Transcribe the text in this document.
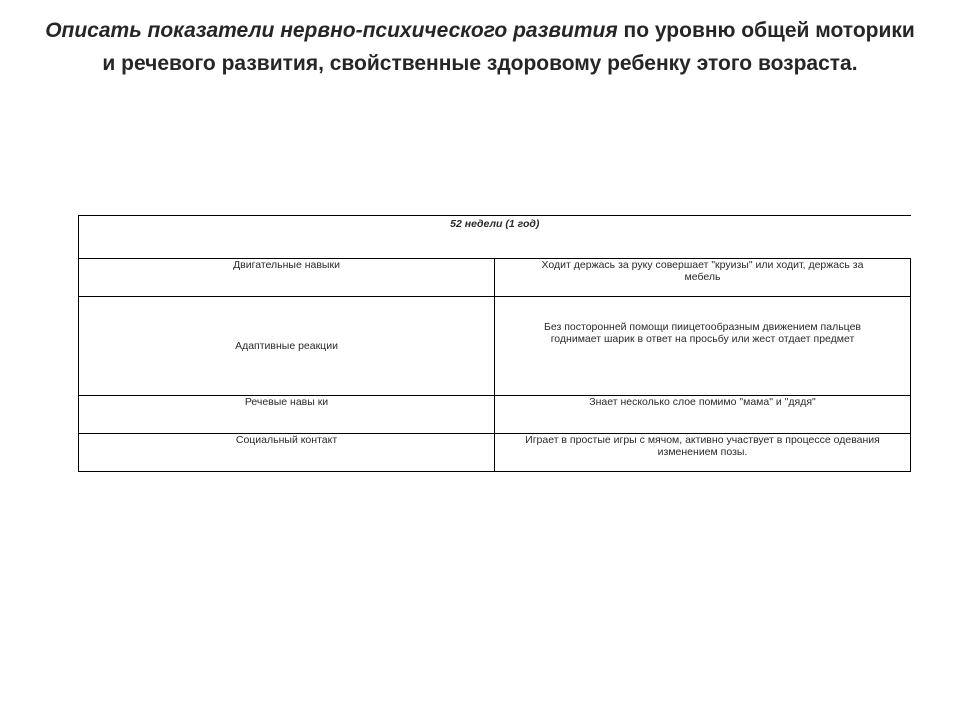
Описать показатели нервно-психического развития по уровню общей моторики и речевого развития, свойственные здоровому ребенку этого возраста.
52 недели (1 год)	
Двигательные навыки	Ходит держась за руку совершает "круизы" или ходит, держась за мебель
Адаптивные реакции	Без посторонней помощи пиицетообразным движением пальцев годнимает шарик в ответ на просьбу или жест отдает предмет
Речевые навы ки	Знает несколько слое помимо "мама" и "дядя"
Социальный контакт	Играет в простые игры с мячом, активно участвует в процессе одевания изменением позы.
